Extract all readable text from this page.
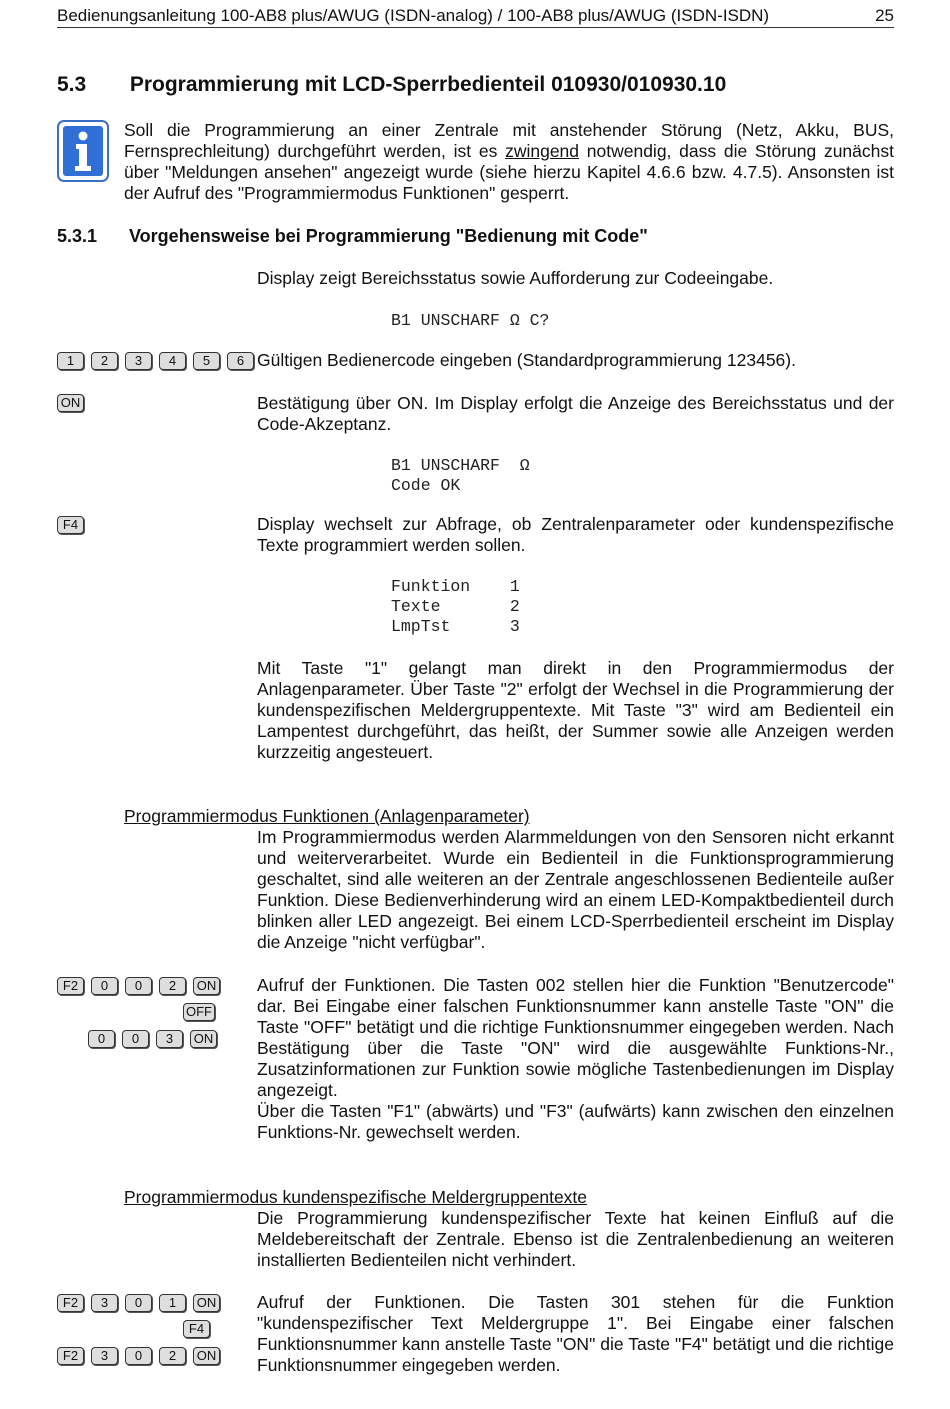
Bedienungsanleitung 100-AB8 plus/AWUG (ISDN-analog) / 100-AB8 plus/AWUG (ISDN-ISDN)	25
5.3 Programmierung mit LCD-Sperrbedienteil 010930/010930.10
Soll die Programmierung an einer Zentrale mit anstehender Störung (Netz, Akku, BUS, Fernsprechleitung) durchgeführt werden, ist es zwingend notwendig, dass die Störung zunächst über "Meldungen ansehen" angezeigt wurde (siehe hierzu Kapitel 4.6.6 bzw. 4.7.5). Ansonsten ist der Aufruf des "Programmiermodus Funktionen" gesperrt.
5.3.1 Vorgehensweise bei Programmierung "Bedienung mit Code"
Display zeigt Bereichsstatus sowie Aufforderung zur Codeeingabe.
B1 UNSCHARF Ω C?
1	2	3	4	5	6 Gültigen Bedienercode eingeben (Standardprogrammierung 123456).
ON	Bestätigung über ON. Im Display erfolgt die Anzeige des Bereichsstatus und der Code-Akzeptanz.
B1 UNSCHARF  Ω
Code OK
F4	Display wechselt zur Abfrage, ob Zentralenparameter oder kundenspezifische Texte programmiert werden sollen.
Funktion    1
Texte       2
LmpTst      3
Mit Taste "1" gelangt man direkt in den Programmiermodus der Anlagenparameter. Über Taste "2" erfolgt der Wechsel in die Programmierung der kundenspezifischen Meldergruppentexte. Mit Taste "3" wird am Bedienteil ein Lampentest durchgeführt, das heißt, der Summer sowie alle Anzeigen werden kurzzeitig angesteuert.
Programmiermodus Funktionen (Anlagenparameter)
Im Programmiermodus werden Alarmmeldungen von den Sensoren nicht erkannt und weiterverarbeitet. Wurde ein Bedienteil in die Funktionsprogrammierung geschaltet, sind alle weiteren an der Zentrale angeschlossenen Bedienteile außer Funktion. Diese Bedienverhinderung wird an einem LED-Kompaktbedienteil durch blinken aller LED angezeigt. Bei einem LCD-Sperrbedienteil erscheint im Display die Anzeige "nicht verfügbar".
F2	0	0	2	ON
OFF
0	0	3	ON
Aufruf der Funktionen. Die Tasten 002 stellen hier die Funktion "Benutzercode" dar. Bei Eingabe einer falschen Funktionsnummer kann anstelle Taste "ON" die Taste "OFF" betätigt und die richtige Funktionsnummer eingegeben werden. Nach Bestätigung über die Taste "ON" wird die ausgewählte Funktions-Nr., Zusatzinformationen zur Funktion sowie mögliche Tastenbedienungen im Display angezeigt.
Über die Tasten "F1" (abwärts) und "F3" (aufwärts) kann zwischen den einzelnen Funktions-Nr. gewechselt werden.
Programmiermodus kundenspezifische Meldergruppentexte
Die Programmierung kundenspezifischer Texte hat keinen Einfluß auf die Meldebereitschaft der Zentrale. Ebenso ist die Zentralenbedienung an weiteren installierten Bedienteilen nicht verhindert.
F2	3	0	1	ON
F4
F2	3	0	2	ON
Aufruf der Funktionen. Die Tasten 301 stehen für die Funktion "kundenspezifischer Text Meldergruppe 1". Bei Eingabe einer falschen Funktionsnummer kann anstelle Taste "ON" die Taste "F4" betätigt und die richtige Funktionsnummer eingegeben werden.
